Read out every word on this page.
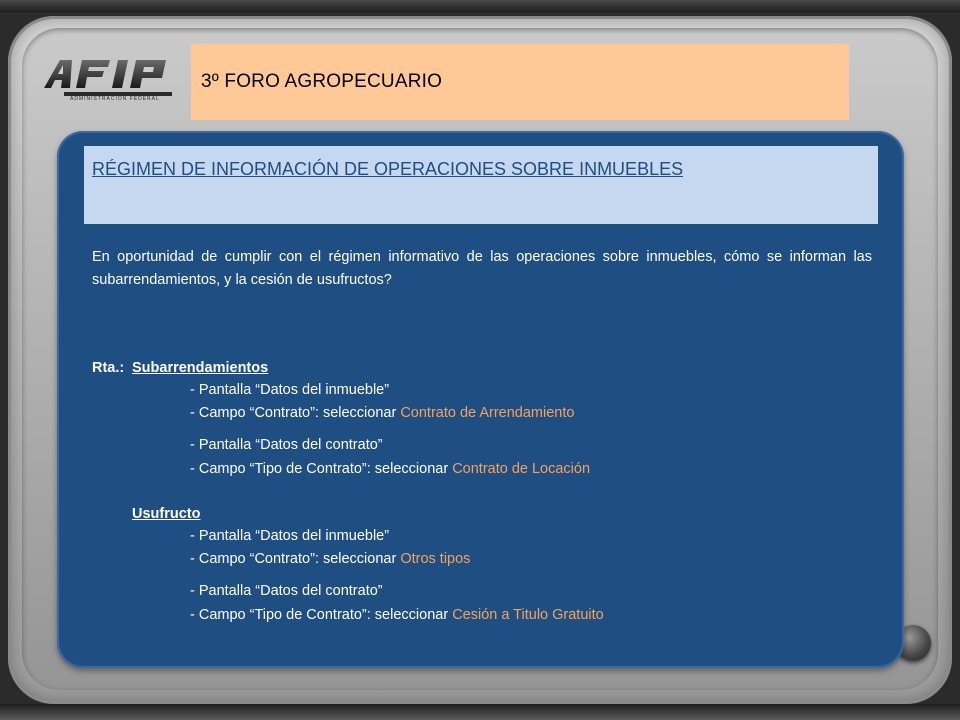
ADMINISTRACION FEDERAL
3º FORO AGROPECUARIO
RÉGIMEN DE INFORMACIÓN DE OPERACIONES SOBRE INMUEBLES
En oportunidad de cumplir con el régimen informativo de las operaciones sobre inmuebles, cómo se informan las subarrendamientos, y la cesión de usufructos?
Rta.: Subarrendamientos
- Pantalla “Datos del inmueble”
- Campo “Contrato”: seleccionar Contrato de Arrendamiento
- Pantalla “Datos del contrato”
- Campo “Tipo de Contrato”: seleccionar Contrato de Locación
Usufructo
- Pantalla “Datos del inmueble”
- Campo “Contrato”: seleccionar Otros tipos
- Pantalla “Datos del contrato”
- Campo “Tipo de Contrato”: seleccionar Cesión a Titulo Gratuito
